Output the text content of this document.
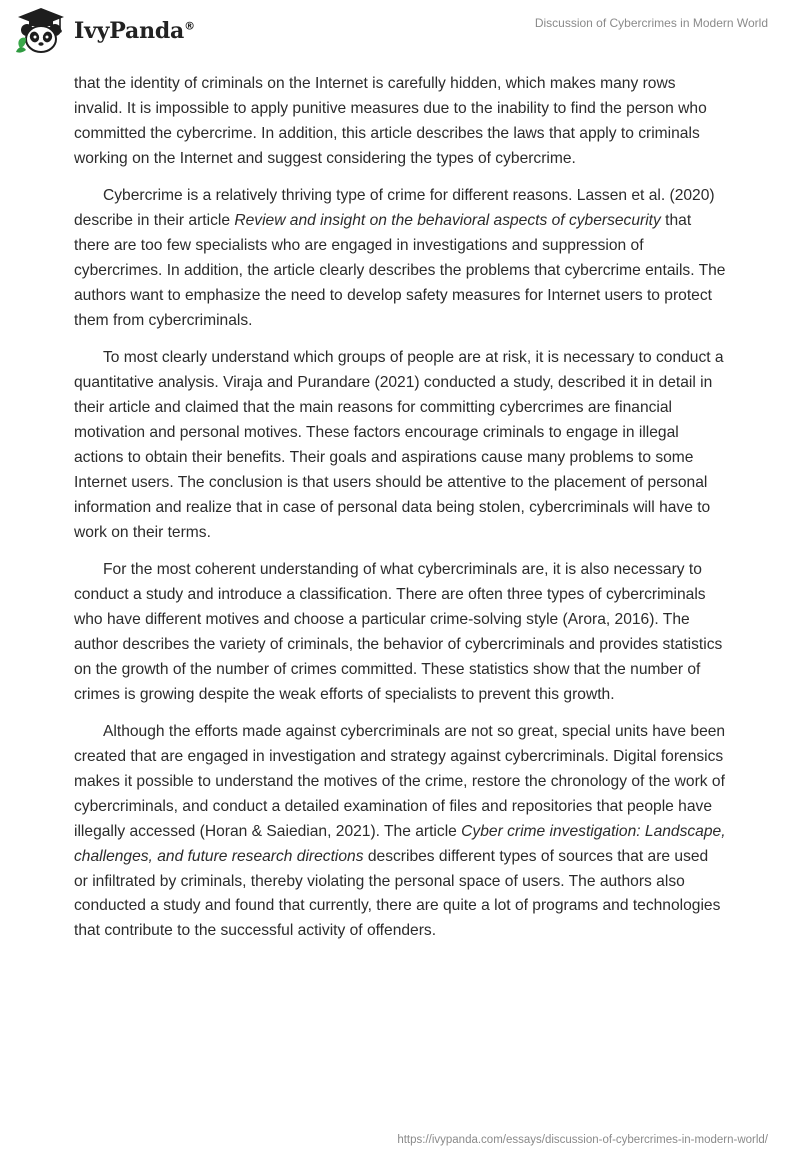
IvyPanda®	Discussion of Cybercrimes in Modern World

that the identity of criminals on the Internet is carefully hidden, which makes many rows invalid. It is impossible to apply punitive measures due to the inability to find the person who committed the cybercrime. In addition, this article describes the laws that apply to criminals working on the Internet and suggest considering the types of cybercrime.

Cybercrime is a relatively thriving type of crime for different reasons. Lassen et al. (2020) describe in their article Review and insight on the behavioral aspects of cybersecurity that there are too few specialists who are engaged in investigations and suppression of cybercrimes. In addition, the article clearly describes the problems that cybercrime entails. The authors want to emphasize the need to develop safety measures for Internet users to protect them from cybercriminals.

To most clearly understand which groups of people are at risk, it is necessary to conduct a quantitative analysis. Viraja and Purandare (2021) conducted a study, described it in detail in their article and claimed that the main reasons for committing cybercrimes are financial motivation and personal motives. These factors encourage criminals to engage in illegal actions to obtain their benefits. Their goals and aspirations cause many problems to some Internet users. The conclusion is that users should be attentive to the placement of personal information and realize that in case of personal data being stolen, cybercriminals will have to work on their terms.

For the most coherent understanding of what cybercriminals are, it is also necessary to conduct a study and introduce a classification. There are often three types of cybercriminals who have different motives and choose a particular crime-solving style (Arora, 2016). The author describes the variety of criminals, the behavior of cybercriminals and provides statistics on the growth of the number of crimes committed. These statistics show that the number of crimes is growing despite the weak efforts of specialists to prevent this growth.

Although the efforts made against cybercriminals are not so great, special units have been created that are engaged in investigation and strategy against cybercriminals. Digital forensics makes it possible to understand the motives of the crime, restore the chronology of the work of cybercriminals, and conduct a detailed examination of files and repositories that people have illegally accessed (Horan & Saiedian, 2021). The article Cyber crime investigation: Landscape, challenges, and future research directions describes different types of sources that are used or infiltrated by criminals, thereby violating the personal space of users. The authors also conducted a study and found that currently, there are quite a lot of programs and technologies that contribute to the successful activity of offenders.

https://ivypanda.com/essays/discussion-of-cybercrimes-in-modern-world/
